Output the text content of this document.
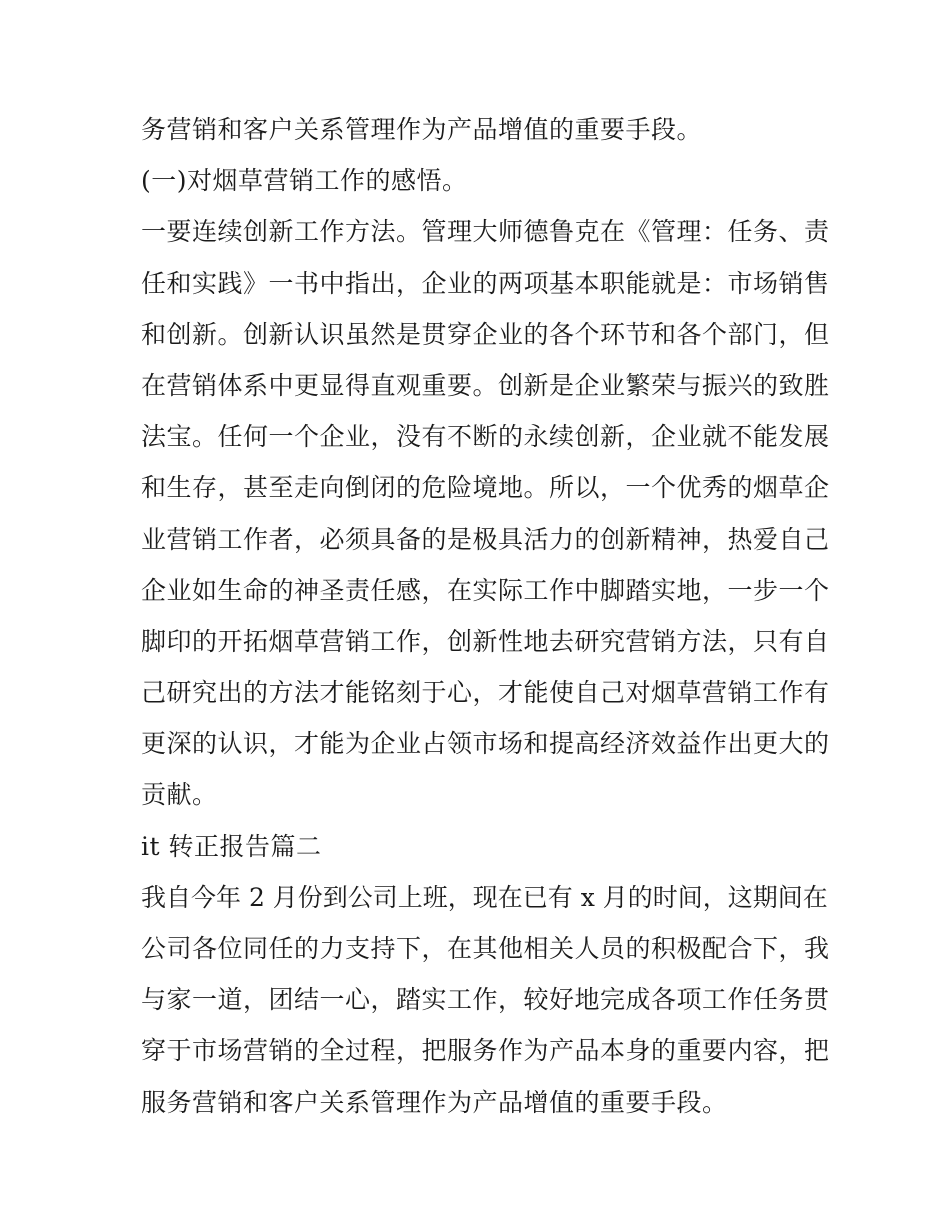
务营销和客户关系管理作为产品增值的重要手段。
(一)对烟草营销工作的感悟。
一要连续创新工作方法。管理大师德鲁克在《管理：任务、责
任和实践》一书中指出，企业的两项基本职能就是：市场销售
和创新。创新认识虽然是贯穿企业的各个环节和各个部门，但
在营销体系中更显得直观重要。创新是企业繁荣与振兴的致胜
法宝。任何一个企业，没有不断的永续创新，企业就不能发展
和生存，甚至走向倒闭的危险境地。所以，一个优秀的烟草企
业营销工作者，必须具备的是极具活力的创新精神，热爱自己
企业如生命的神圣责任感，在实际工作中脚踏实地，一步一个
脚印的开拓烟草营销工作，创新性地去研究营销方法，只有自
己研究出的方法才能铭刻于心，才能使自己对烟草营销工作有
更深的认识，才能为企业占领市场和提高经济效益作出更大的
贡献。
it 转正报告篇二
我自今年 2 月份到公司上班，现在已有 x 月的时间，这期间在
公司各位同任的力支持下，在其他相关人员的积极配合下，我
与家一道，团结一心，踏实工作，较好地完成各项工作任务贯
穿于市场营销的全过程，把服务作为产品本身的重要内容，把
服务营销和客户关系管理作为产品增值的重要手段。
